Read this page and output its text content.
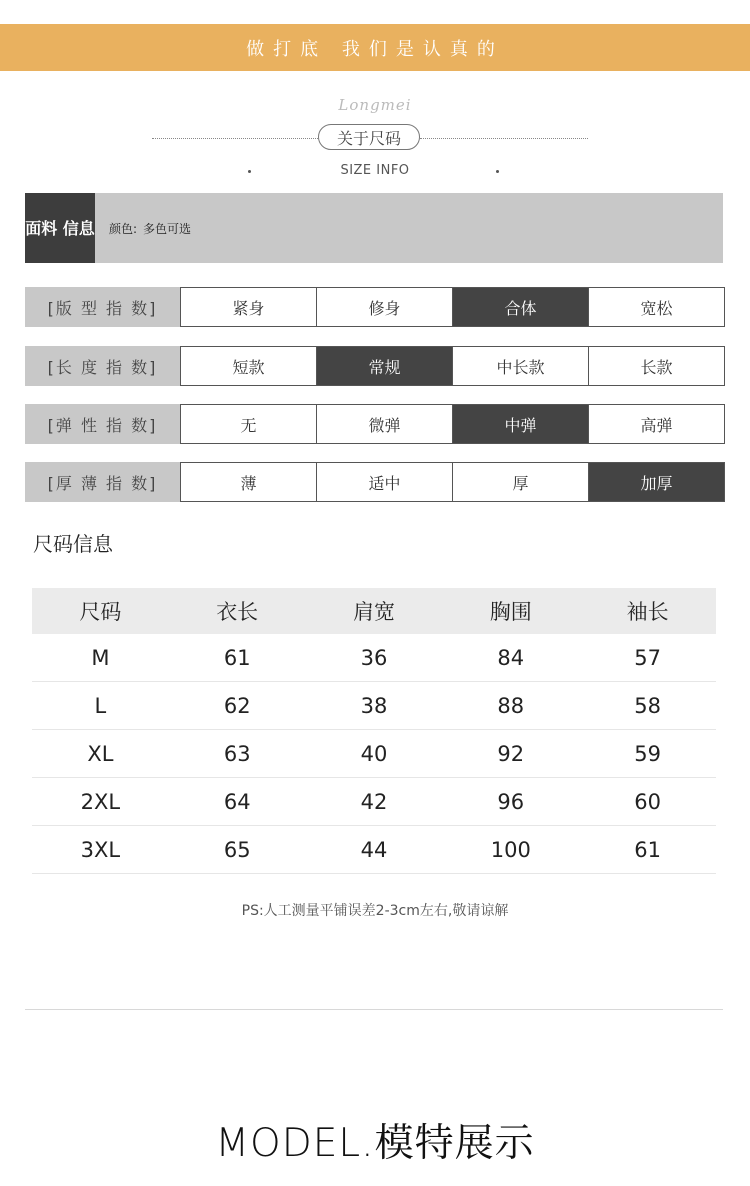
做打底 我们是认真的
Longmei
关于尺码
SIZE INFO
面料 信息 颜色: 多色可选
[版 型 指 数]	紧身	修身	合体	宽松
[长 度 指 数]	短款	常规	中长款	长款
[弹 性 指 数]	无	微弹	中弹	高弹
[厚 薄 指 数]	薄	适中	厚	加厚
尺码信息
尺码	衣长	肩宽	胸围	袖长
M	61	36	84	57
L	62	38	88	58
XL	63	40	92	59
2XL	64	42	96	60
3XL	65	44	100	61
PS:人工测量平铺误差2-3cm左右,敬请谅解
MODEL.模特展示
